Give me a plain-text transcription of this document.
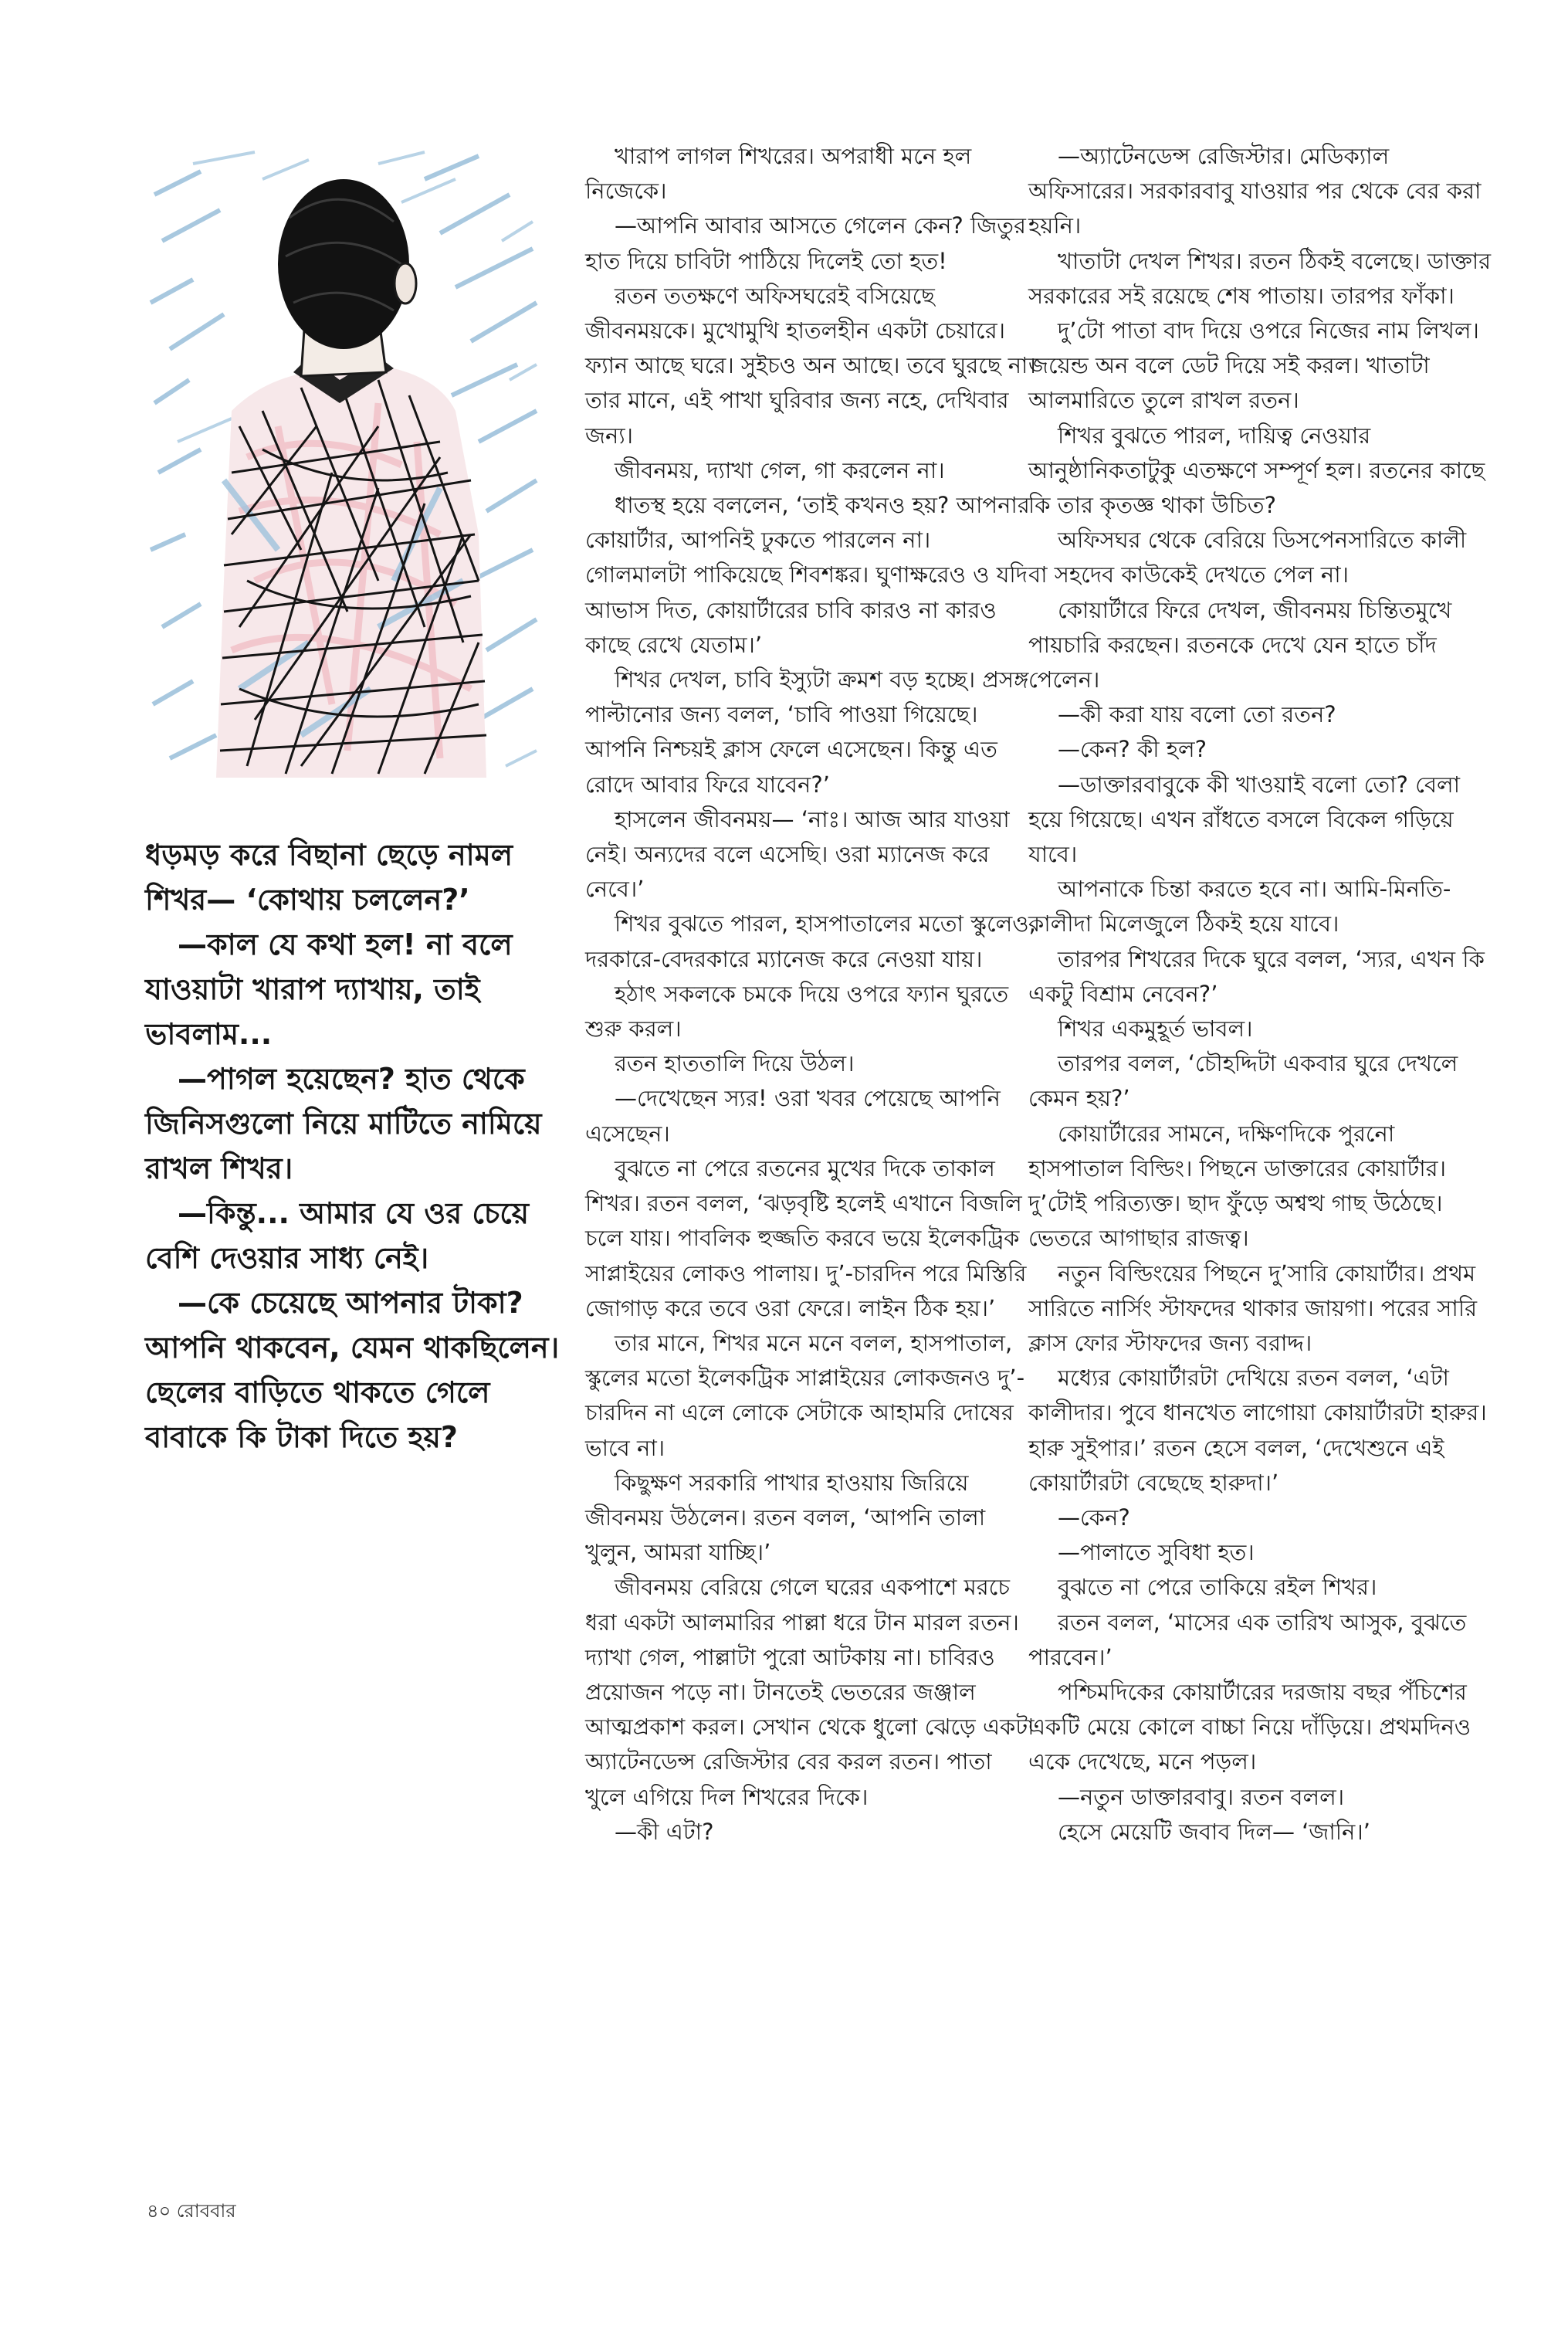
ধড়মড় করে বিছানা ছেড়ে নামল শিখর— ‘কোথায় চললেন?’

—কাল যে কথা হল! না বলে যাওয়াটা খারাপ দ্যাখায়, তাই ভাবলাম...

—পাগল হয়েছেন? হাত থেকে জিনিসগুলো নিয়ে মাটিতে নামিয়ে রাখল শিখর।

—কিন্তু... আমার যে ওর চেয়ে বেশি দেওয়ার সাধ্য নেই।

—কে চেয়েছে আপনার টাকা? আপনি থাকবেন, যেমন থাকছিলেন। ছেলের বাড়িতে থাকতে গেলে বাবাকে কি টাকা দিতে হয়?

খারাপ লাগল শিখরের। অপরাধী মনে হল নিজেকে।

—আপনি আবার আসতে গেলেন কেন? জিতুর হাত দিয়ে চাবিটা পাঠিয়ে দিলেই তো হত!

রতন ততক্ষণে অফিসঘরেই বসিয়েছে জীবনময়কে। মুখোমুখি হাতলহীন একটা চেয়ারে। ফ্যান আছে ঘরে। সুইচও অন আছে। তবে ঘুরছে না। তার মানে, এই পাখা ঘুরিবার জন্য নহে, দেখিবার জন্য।

জীবনময়, দ্যাখা গেল, গা করলেন না।

ধাতস্থ হয়ে বললেন, ‘তাই কখনও হয়? আপনার কোয়ার্টার, আপনিই ঢুকতে পারলেন না। গোলমালটা পাকিয়েছে শিবশঙ্কর। ঘুণাক্ষরেও ও যদি আভাস দিত, কোয়ার্টারের চাবি কারও না কারও কাছে রেখে যেতাম।’

শিখর দেখল, চাবি ইস্যুটা ক্রমশ বড় হচ্ছে। প্রসঙ্গ পাল্টানোর জন্য বলল, ‘চাবি পাওয়া গিয়েছে। আপনি নিশ্চয়ই ক্লাস ফেলে এসেছেন। কিন্তু এত রোদে আবার ফিরে যাবেন?’

হাসলেন জীবনময়— ‘নাঃ। আজ আর যাওয়া নেই। অন্যদের বলে এসেছি। ওরা ম্যানেজ করে নেবে।’

শিখর বুঝতে পারল, হাসপাতালের মতো স্কুলেও, দরকারে-বেদরকারে ম্যানেজ করে নেওয়া যায়।

হঠাৎ সকলকে চমকে দিয়ে ওপরে ফ্যান ঘুরতে শুরু করল।

রতন হাততালি দিয়ে উঠল।

—দেখেছেন স্যর! ওরা খবর পেয়েছে আপনি এসেছেন।

বুঝতে না পেরে রতনের মুখের দিকে তাকাল শিখর। রতন বলল, ‘ঝড়বৃষ্টি হলেই এখানে বিজলি চলে যায়। পাবলিক হুজ্জতি করবে ভয়ে ইলেকট্রিক সাপ্লাইয়ের লোকও পালায়। দু’-চারদিন পরে মিস্তিরি জোগাড় করে তবে ওরা ফেরে। লাইন ঠিক হয়।’

তার মানে, শিখর মনে মনে বলল, হাসপাতাল, স্কুলের মতো ইলেকট্রিক সাপ্লাইয়ের লোকজনও দু’-চারদিন না এলে লোকে সেটাকে আহামরি দোষের ভাবে না।

কিছুক্ষণ সরকারি পাখার হাওয়ায় জিরিয়ে জীবনময় উঠলেন। রতন বলল, ‘আপনি তালা খুলুন, আমরা যাচ্ছি।’

জীবনময় বেরিয়ে গেলে ঘরের একপাশে মরচে ধরা একটা আলমারির পাল্লা ধরে টান মারল রতন। দ্যাখা গেল, পাল্লাটা পুরো আটকায় না। চাবিরও প্রয়োজন পড়ে না। টানতেই ভেতরের জঞ্জাল আত্মপ্রকাশ করল। সেখান থেকে ধুলো ঝেড়ে একটা অ্যাটেনডেন্স রেজিস্টার বের করল রতন। পাতা খুলে এগিয়ে দিল শিখরের দিকে।

—কী এটা?

—অ্যাটেনডেন্স রেজিস্টার। মেডিক্যাল অফিসারের। সরকারবাবু যাওয়ার পর থেকে বের করা হয়নি।

খাতাটা দেখল শিখর। রতন ঠিকই বলেছে। ডাক্তার সরকারের সই রয়েছে শেষ পাতায়। তারপর ফাঁকা।

দু’টো পাতা বাদ দিয়ে ওপরে নিজের নাম লিখল। জয়েন্ড অন বলে ডেট দিয়ে সই করল। খাতাটা আলমারিতে তুলে রাখল রতন।

শিখর বুঝতে পারল, দায়িত্ব নেওয়ার আনুষ্ঠানিকতাটুকু এতক্ষণে সম্পূর্ণ হল। রতনের কাছে কি তার কৃতজ্ঞ থাকা উচিত?

অফিসঘর থেকে বেরিয়ে ডিসপেনসারিতে কালী বা সহদেব কাউকেই দেখতে পেল না।

কোয়ার্টারে ফিরে দেখল, জীবনময় চিন্তিতমুখে পায়চারি করছেন। রতনকে দেখে যেন হাতে চাঁদ পেলেন।

—কী করা যায় বলো তো রতন?

—কেন? কী হল?

—ডাক্তারবাবুকে কী খাওয়াই বলো তো? বেলা হয়ে গিয়েছে। এখন রাঁধতে বসলে বিকেল গড়িয়ে যাবে।

আপনাকে চিন্তা করতে হবে না। আমি-মিনতি-কালীদা মিলেজুলে ঠিকই হয়ে যাবে।

তারপর শিখরের দিকে ঘুরে বলল, ‘স্যর, এখন কি একটু বিশ্রাম নেবেন?’

শিখর একমুহূর্ত ভাবল।

তারপর বলল, ‘চৌহদ্দিটা একবার ঘুরে দেখলে কেমন হয়?’

কোয়ার্টারের সামনে, দক্ষিণদিকে পুরনো হাসপাতাল বিল্ডিং। পিছনে ডাক্তারের কোয়ার্টার। দু’টোই পরিত্যক্ত। ছাদ ফুঁড়ে অশ্বত্থ গাছ উঠেছে। ভেতরে আগাছার রাজত্ব।

নতুন বিল্ডিংয়ের পিছনে দু’সারি কোয়ার্টার। প্রথম সারিতে নার্সিং স্টাফদের থাকার জায়গা। পরের সারি ক্লাস ফোর স্টাফদের জন্য বরাদ্দ।

মধ্যের কোয়ার্টারটা দেখিয়ে রতন বলল, ‘এটা কালীদার। পুবে ধানখেত লাগোয়া কোয়ার্টারটা হারুর। হারু সুইপার।’ রতন হেসে বলল, ‘দেখেশুনে এই কোয়ার্টারটা বেছেছে হারুদা।’

—কেন?

—পালাতে সুবিধা হত।

বুঝতে না পেরে তাকিয়ে রইল শিখর।

রতন বলল, ‘মাসের এক তারিখ আসুক, বুঝতে পারবেন।’

পশ্চিমদিকের কোয়ার্টারের দরজায় বছর পঁচিশের একটি মেয়ে কোলে বাচ্চা নিয়ে দাঁড়িয়ে। প্রথমদিনও একে দেখেছে, মনে পড়ল।

—নতুন ডাক্তারবাবু। রতন বলল।

হেসে মেয়েটি জবাব দিল— ‘জানি।’

৪০ রোববার
